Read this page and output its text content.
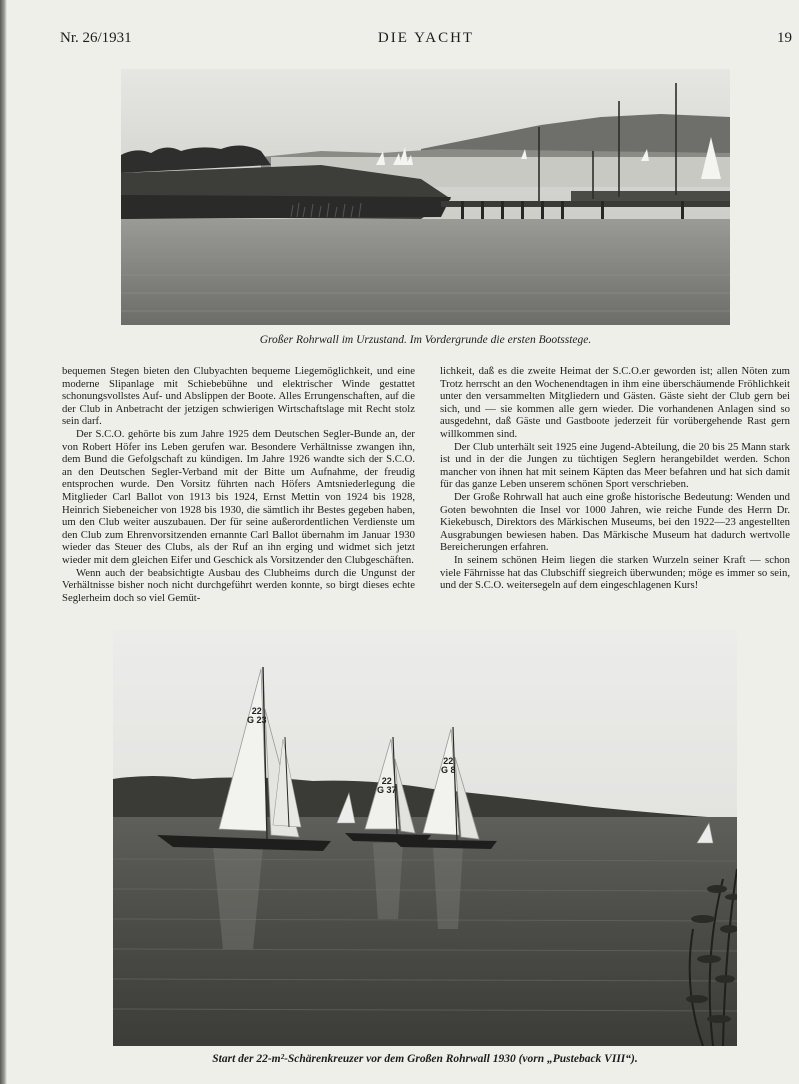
Nr. 26/1931	DIE YACHT	19
Großer Rohrwall im Urzustand. Im Vordergrunde die ersten Bootsstege.

bequemen Stegen bieten den Clubyachten bequeme Liegemöglichkeit, und eine moderne Slipanlage mit Schiebebühne und elektrischer Winde gestattet schonungsvollstes Auf- und Abslippen der Boote. Alles Errungenschaften, auf die der Club in Anbetracht der jetzigen schwierigen Wirtschaftslage mit Recht stolz sein darf.

Der S.C.O. gehörte bis zum Jahre 1925 dem Deutschen Segler-Bunde an, der von Robert Höfer ins Leben gerufen war. Besondere Verhältnisse zwangen ihn, dem Bund die Gefolgschaft zu kündigen. Im Jahre 1926 wandte sich der S.C.O. an den Deutschen Segler-Verband mit der Bitte um Aufnahme, der freudig entsprochen wurde. Den Vorsitz führten nach Höfers Amtsniederlegung die Mitglieder Carl Ballot von 1913 bis 1924, Ernst Mettin von 1924 bis 1928, Heinrich Siebeneicher von 1928 bis 1930, die sämtlich ihr Bestes gegeben haben, um den Club weiter auszubauen. Der für seine außerordentlichen Verdienste um den Club zum Ehrenvorsitzenden ernannte Carl Ballot übernahm im Januar 1930 wieder das Steuer des Clubs, als der Ruf an ihn erging und widmet sich jetzt wieder mit dem gleichen Eifer und Geschick als Vorsitzender den Clubgeschäften.

Wenn auch der beabsichtigte Ausbau des Clubheims durch die Ungunst der Verhältnisse bisher noch nicht durchgeführt werden konnte, so birgt dieses echte Seglerheim doch so viel Gemüt-

lichkeit, daß es die zweite Heimat der S.C.O.er geworden ist; allen Nöten zum Trotz herrscht an den Wochenendtagen in ihm eine überschäumende Fröhlichkeit unter den versammelten Mitgliedern und Gästen. Gäste sieht der Club gern bei sich, und — sie kommen alle gern wieder. Die vorhandenen Anlagen sind so ausgedehnt, daß Gäste und Gastboote jederzeit für vorübergehende Rast gern willkommen sind.

Der Club unterhält seit 1925 eine Jugend-Abteilung, die 20 bis 25 Mann stark ist und in der die Jungen zu tüchtigen Seglern herangebildet werden. Schon mancher von ihnen hat mit seinem Käpten das Meer befahren und hat sich damit für das ganze Leben unserem schönen Sport verschrieben.

Der Große Rohrwall hat auch eine große historische Bedeutung: Wenden und Goten bewohnten die Insel vor 1000 Jahren, wie reiche Funde des Herrn Dr. Kiekebusch, Direktors des Märkischen Museums, bei den 1922—23 angestellten Ausgrabungen bewiesen haben. Das Märkische Museum hat dadurch wertvolle Bereicherungen erfahren.

In seinem schönen Heim liegen die starken Wurzeln seiner Kraft — schon viele Fährnisse hat das Clubschiff siegreich überwunden; möge es immer so sein, und der S.C.O. weitersegeln auf dem eingeschlagenen Kurs!

22
G 23
22
G 37
22
G 8
Start der 22-m²-Schärenkreuzer vor dem Großen Rohrwall 1930 (vorn „Pusteback VIII“).
